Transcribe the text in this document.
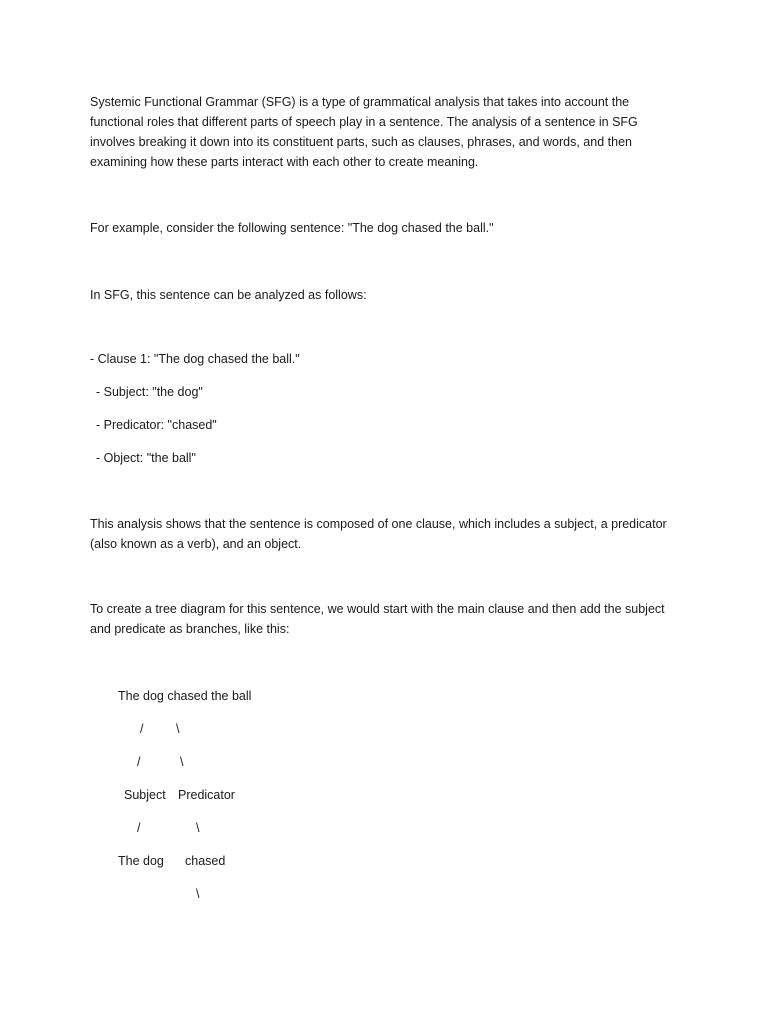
Systemic Functional Grammar (SFG) is a type of grammatical analysis that takes into account the functional roles that different parts of speech play in a sentence. The analysis of a sentence in SFG involves breaking it down into its constituent parts, such as clauses, phrases, and words, and then examining how these parts interact with each other to create meaning.

For example, consider the following sentence: "The dog chased the ball."

In SFG, this sentence can be analyzed as follows:

- Clause 1: "The dog chased the ball."

- Subject: "the dog"

- Predicator: "chased"

- Object: "the ball"

This analysis shows that the sentence is composed of one clause, which includes a subject, a predicator (also known as a verb), and an object.

To create a tree diagram for this sentence, we would start with the main clause and then add the subject and predicate as branches, like this:

The dog chased the ball
/	\
/	\
Subject Predicator
/	\
The dog chased
\
